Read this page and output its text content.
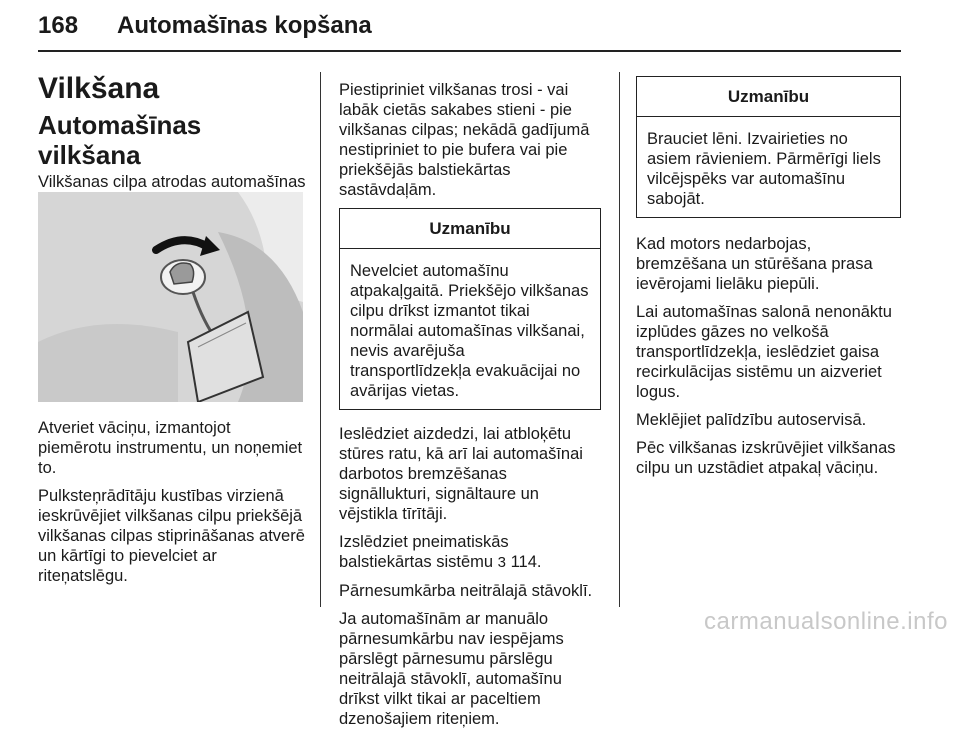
168 Automašīnas kopšana
Vilkšana
Automašīnas vilkšana

Vilkšanas cilpa atrodas automašīnas

Atveriet vāciņu, izmantojot piemērotu instrumentu, un noņemiet to.

Pulksteņrādītāju kustības virzienā ieskrūvējiet vilkšanas cilpu priekšējā vilkšanas cilpas stiprināšanas atverē un kārtīgi to pievelciet ar riteņatslēgu.

Piestipriniet vilkšanas trosi - vai labāk cietās sakabes stieni - pie vilkšanas cilpas; nekādā gadījumā nestipriniet to pie bufera vai pie priekšējās balstiekārtas sastāvdaļām.

Uzmanību
Nevelciet automašīnu atpakaļgaitā. Priekšējo vilkšanas cilpu drīkst izmantot tikai normālai automašīnas vilkšanai, nevis avarējuša transportlīdzekļa evakuācijai no avārijas vietas.

Ieslēdziet aizdedzi, lai atbloķētu stūres ratu, kā arī lai automašīnai darbotos bremzēšanas signāllukturi, signāltaure un vējstikla tīrītāji.

Izslēdziet pneimatiskās balstiekārtas sistēmu 3 114.

Pārnesumkārba neitrālajā stāvoklī.

Ja automašīnām ar manuālo pārnesumkārbu nav iespējams pārslēgt pārnesumu pārslēgu neitrālajā stāvoklī, automašīnu drīkst vilkt tikai ar paceltiem dzenošajiem riteņiem.

Uzmanību
Brauciet lēni. Izvairieties no asiem rāvieniem. Pārmērīgi liels vilcējspēks var automašīnu sabojāt.

Kad motors nedarbojas, bremzēšana un stūrēšana prasa ievērojami lielāku piepūli.

Lai automašīnas salonā nenonāktu izplūdes gāzes no velkošā transportlīdzekļa, ieslēdziet gaisa recirkulācijas sistēmu un aizveriet logus.

Meklējiet palīdzību autoservisā.

Pēc vilkšanas izskrūvējiet vilkšanas cilpu un uzstādiet atpakaļ vāciņu.

carmanualsonline.info
